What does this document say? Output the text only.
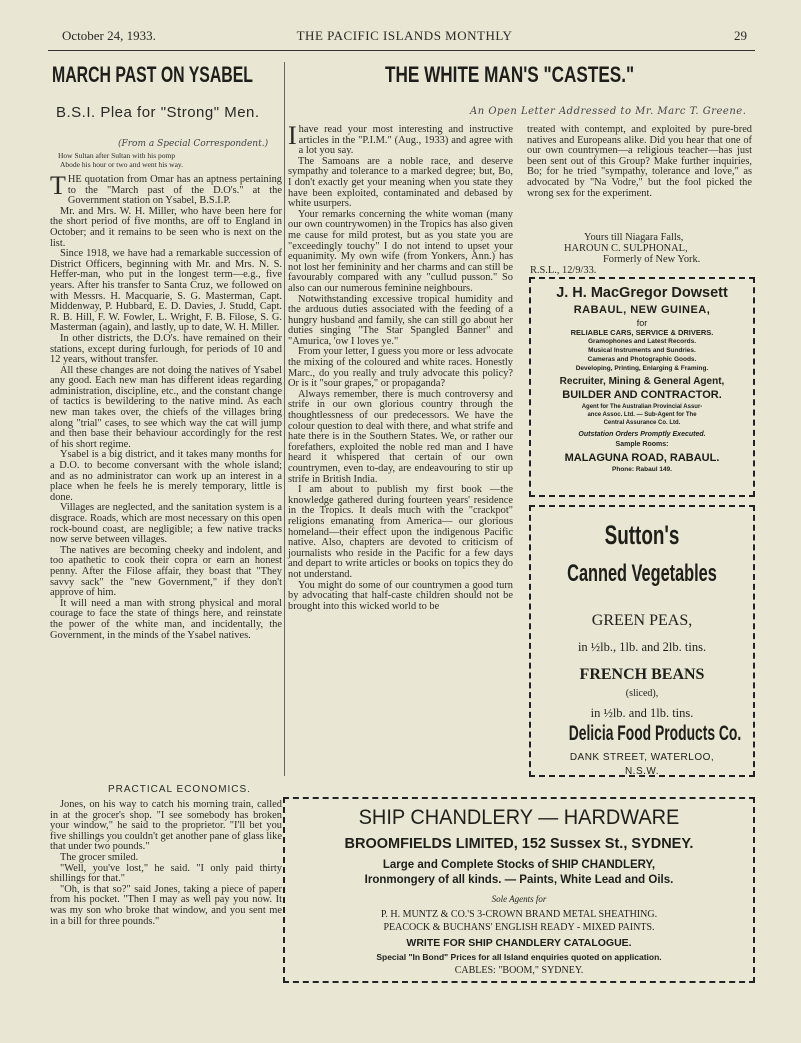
October 24, 1933.	THE PACIFIC ISLANDS MONTHLY	29
MARCH PAST ON YSABEL
B.S.I. Plea for "Strong" Men.
(From a Special Correspondent.)
How Sultan after Sultan with his pomp
Abode his hour or two and went his way.

THE quotation from Omar has an aptness pertaining to the "March past of the D.O's." at the Government station on Ysabel, B.S.I.P.

Mr. and Mrs. W. H. Miller, who have been here for the short period of five months, are off to England in October; and it remains to be seen who is next on the list.

Since 1918, we have had a remarkable succession of District Officers, beginning with Mr. and Mrs. N. S. Heffer-man, who put in the longest term—e.g., five years. After his transfer to Santa Cruz, we followed on with Messrs. H. Macquarie, S. G. Masterman, Capt. Middenway, P. Hubbard, E. D. Davies, J. Studd, Capt. R. B. Hill, F. W. Fowler, L. Wright, F. B. Filose, S. G. Masterman (again), and lastly, up to date, W. H. Miller.

In other districts, the D.O's. have remained on their stations, except during furlough, for periods of 10 and 12 years, without transfer.

All these changes are not doing the natives of Ysabel any good. Each new man has different ideas regarding administration, discipline, etc., and the constant change of tactics is bewildering to the native mind. As each new man takes over, the chiefs of the villages bring along "trial" cases, to see which way the cat will jump and then base their behaviour accordingly for the rest of his short regime.

Ysabel is a big district, and it takes many months for a D.O. to become conversant with the whole island; and as no administrator can work up an interest in a place when he feels he is merely temporary, little is done.

Villages are neglected, and the sanitation system is a disgrace. Roads, which are most necessary on this open rock-bound coast, are negligible; a few native tracks now serve between villages.

The natives are becoming cheeky and indolent, and too apathetic to cook their copra or earn an honest penny. After the Filose affair, they boast that "They savvy sack" the "new Government," if they don't approve of him.

It will need a man with strong physical and moral courage to face the state of things here, and reinstate the power of the white man, and incidentally, the Government, in the minds of the Ysabel natives.

PRACTICAL ECONOMICS.

Jones, on his way to catch his morning train, called in at the grocer's shop. "I see somebody has broken your window," he said to the proprietor. "I'll bet you five shillings you couldn't get another pane of glass like that under two pounds."

The grocer smiled.

"Well, you've lost," he said. "I only paid thirty shillings for that."

"Oh, is that so?" said Jones, taking a piece of paper from his pocket. "Then I may as well pay you now. It was my son who broke that window, and you sent me in a bill for three pounds."

THE WHITE MAN'S "CASTES."
An Open Letter Addressed to Mr. Marc T. Greene.

Ihave read your most interesting and instructive articles in the "P.I.M." (Aug., 1933) and agree with a lot you say.

The Samoans are a noble race, and deserve sympathy and tolerance to a marked degree; but, Bo, I don't exactly get your meaning when you state they have been exploited, contaminated and debased by white usurpers.

Your remarks concerning the white woman (many our own countrywomen) in the Tropics has also given me cause for mild protest, but as you state you are "exceedingly touchy" I do not intend to upset your equanimity. My own wife (from Yonkers, Ann.) has not lost her femininity and her charms and can still be favourably compared with any "cullud pusson." So also can our numerous feminine neighbours.

Notwithstanding excessive tropical humidity and the arduous duties associated with the feeding of a hungry husband and family, she can still go about her duties singing "The Star Spangled Banner" and "Amurica, 'ow I loves ye."

From your letter, I guess you more or less advocate the mixing of the coloured and white races. Honestly Marc., do you really and truly advocate this policy? Or is it "sour grapes," or propaganda?

Always remember, there is much controversy and strife in our own glorious country through the thoughtlessness of our predecessors. We have the colour question to deal with there, and what strife and hate there is in the Southern States. We, or rather our forefathers, exploited the noble red man and I have heard it whispered that certain of our own countrymen, even to-day, are endeavouring to stir up strife in British India.

I am about to publish my first book —the knowledge gathered during fourteen years' residence in the Tropics. It deals much with the "crackpot" religions emanating from America— our glorious homeland—their effect upon the indigenous Pacific native. Also, chapters are devoted to criticism of journalists who reside in the Pacific for a few days and depart to write articles or books on topics they do not understand.

You might do some of our countrymen a good turn by advocating that half-caste children should not be brought into this wicked world to be

treated with contempt, and exploited by pure-bred natives and Europeans alike. Did you hear that one of our own countrymen—a religious teacher—has just been sent out of this Group? Make further inquiries, Bo; for he tried "sympathy, tolerance and love," as advocated by "Na Vodre," but the fool picked the wrong sex for the experiment.

Yours till Niagara Falls,
HAROUN C. SULPHONAL,
Formerly of New York.
R.S.L., 12/9/33.
J. H. MacGregor Dowsett
RABAUL, NEW GUINEA,
for
RELIABLE CARS, SERVICE & DRIVERS.
Gramophones and Latest Records.
Musical Instruments and Sundries.
Cameras and Photographic Goods.
Developing, Printing, Enlarging & Framing.
Recruiter, Mining & General Agent,
BUILDER AND CONTRACTOR.
Agent for The Australian Provincial Assur-
ance Assoc. Ltd. — Sub-Agent for The
Central Assurance Co. Ltd.
Outstation Orders Promptly Executed.
Sample Rooms:
MALAGUNA ROAD, RABAUL.
Phone: Rabaul 149.
Sutton's
Canned Vegetables
GREEN PEAS,
in ½lb., 1lb. and 2lb. tins.
FRENCH BEANS
(sliced),
in ½lb. and 1lb. tins.
Delicia Food Products Co.
DANK STREET, WATERLOO,
N.S.W.
SHIP CHANDLERY — HARDWARE
BROOMFIELDS LIMITED, 152 Sussex St., SYDNEY.
Large and Complete Stocks of SHIP CHANDLERY,
Ironmongery of all kinds. — Paints, White Lead and Oils.
Sole Agents for
P. H. MUNTZ & CO.'S 3-CROWN BRAND METAL SHEATHING.
PEACOCK & BUCHANS' ENGLISH READY - MIXED PAINTS.
WRITE FOR SHIP CHANDLERY CATALOGUE.
Special "In Bond" Prices for all Island enquiries quoted on application.
CABLES: "BOOM," SYDNEY.
